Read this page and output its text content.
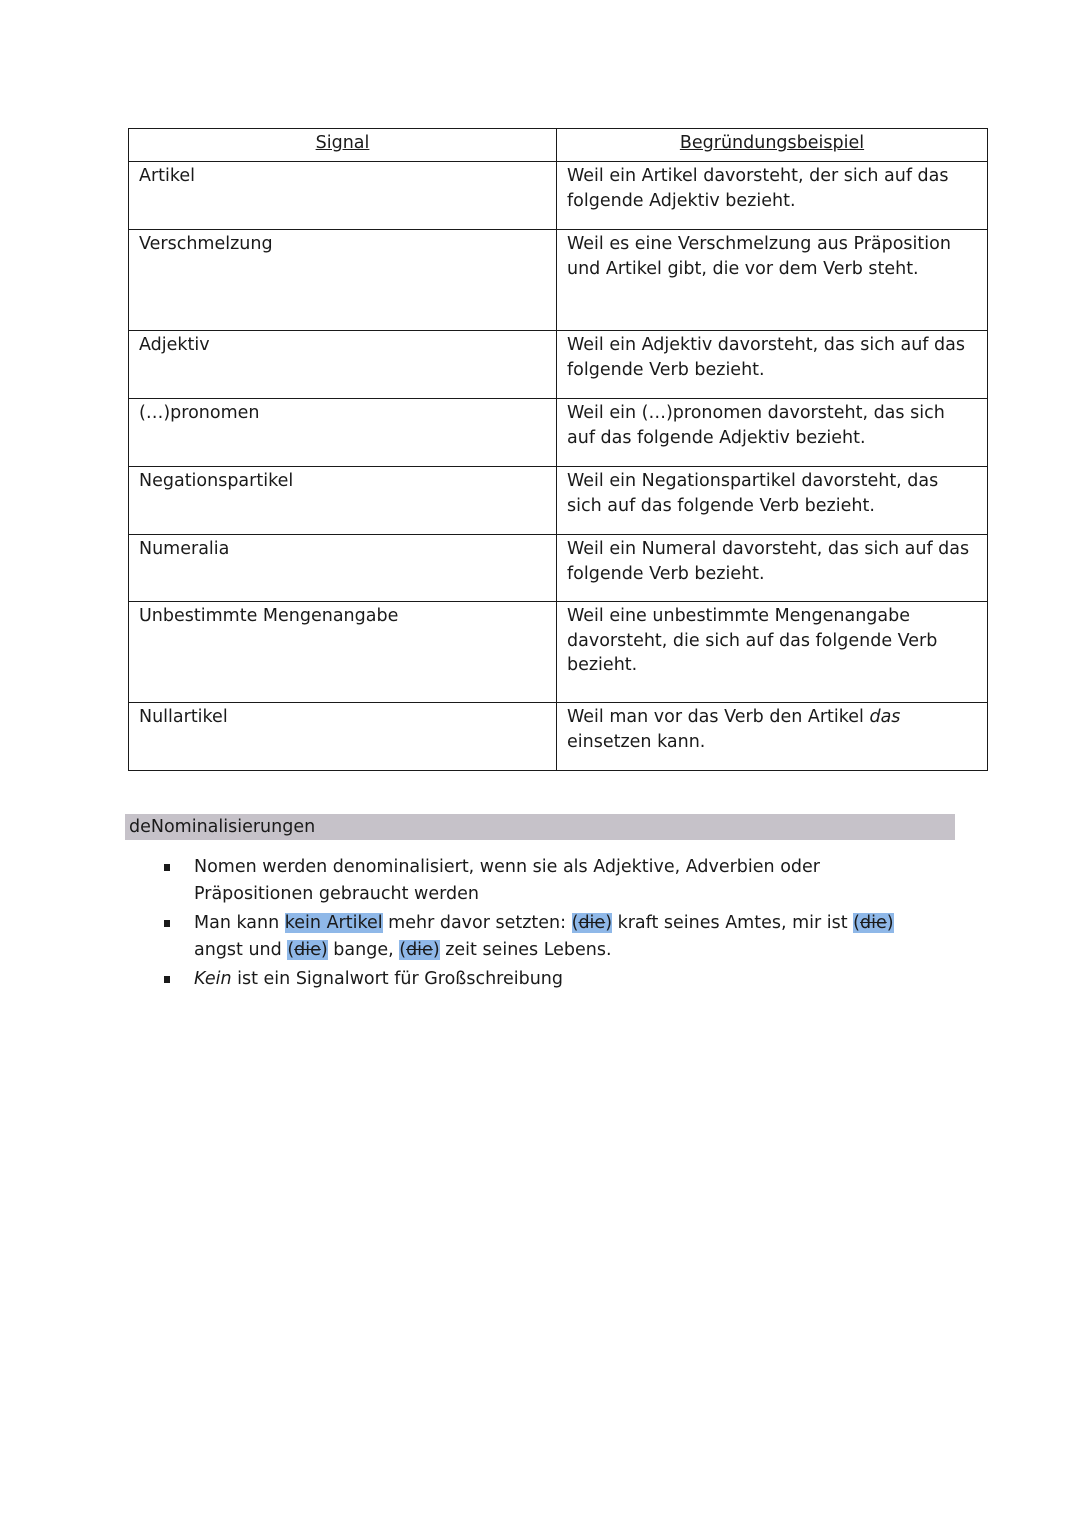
Signal	Begründungsbeispiel
Artikel	Weil ein Artikel davorsteht, der sich auf das folgende Adjektiv bezieht.
Verschmelzung	Weil es eine Verschmelzung aus Präposition und Artikel gibt, die vor dem Verb steht.
Adjektiv	Weil ein Adjektiv davorsteht, das sich auf das folgende Verb bezieht.
(…)pronomen	Weil ein (…)pronomen davorsteht, das sich auf das folgende Adjektiv bezieht.
Negationspartikel	Weil ein Negationspartikel davorsteht, das sich auf das folgende Verb bezieht.
Numeralia	Weil ein Numeral davorsteht, das sich auf das folgende Verb bezieht.
Unbestimmte Mengenangabe	Weil eine unbestimmte Mengenangabe davorsteht, die sich auf das folgende Verb bezieht.
Nullartikel	Weil man vor das Verb den Artikel das einsetzen kann.
deNominalisierungen
Nomen werden denominalisiert, wenn sie als Adjektive, Adverbien oder Präpositionen gebraucht werden
Man kann kein Artikel mehr davor setzten: (die) kraft seines Amtes, mir ist (die) angst und (die) bange, (die) zeit seines Lebens.
Kein ist ein Signalwort für Großschreibung
